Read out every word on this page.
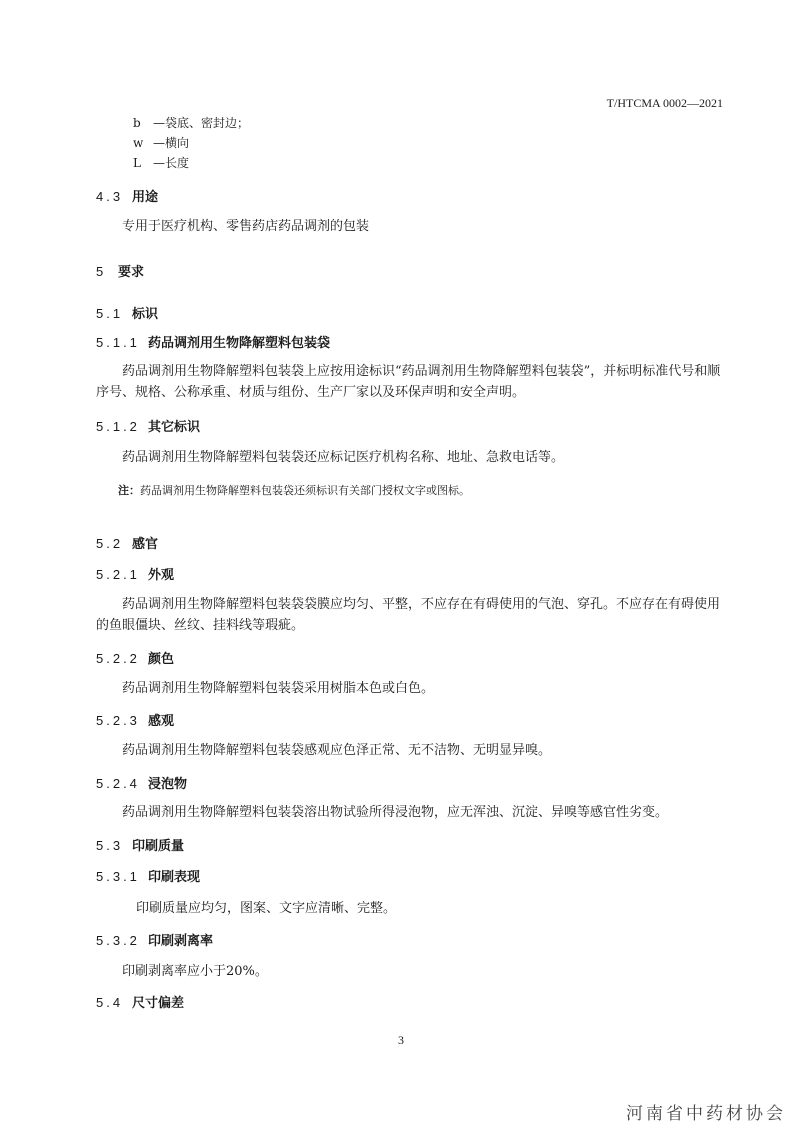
T/HTCMA 0002—2021
b —袋底、密封边；
w —横向
L —长度
4.3 用途
专用于医疗机构、零售药店药品调剂的包装
5 要求
5.1 标识
5.1.1 药品调剂用生物降解塑料包装袋
药品调剂用生物降解塑料包装袋上应按用途标识“药品调剂用生物降解塑料包装袋”，并标明标准代号和顺序号、规格、公称承重、材质与组份、生产厂家以及环保声明和安全声明。
5.1.2 其它标识
药品调剂用生物降解塑料包装袋还应标记医疗机构名称、地址、急救电话等。
注：药品调剂用生物降解塑料包装袋还须标识有关部门授权文字或图标。
5.2 感官
5.2.1 外观
药品调剂用生物降解塑料包装袋袋膜应均匀、平整，不应存在有碍使用的气泡、穿孔。不应存在有碍使用的鱼眼僵块、丝纹、挂料线等瑕疵。
5.2.2 颜色
药品调剂用生物降解塑料包装袋采用树脂本色或白色。
5.2.3 感观
药品调剂用生物降解塑料包装袋感观应色泽正常、无不洁物、无明显异嗅。
5.2.4 浸泡物
药品调剂用生物降解塑料包装袋溶出物试验所得浸泡物，应无浑浊、沉淀、异嗅等感官性劣变。
5.3 印刷质量
5.3.1 印刷表现
印刷质量应均匀，图案、文字应清晰、完整。
5.3.2 印刷剥离率
印刷剥离率应小于20%。
5.4 尺寸偏差
3
河南省中药材协会
